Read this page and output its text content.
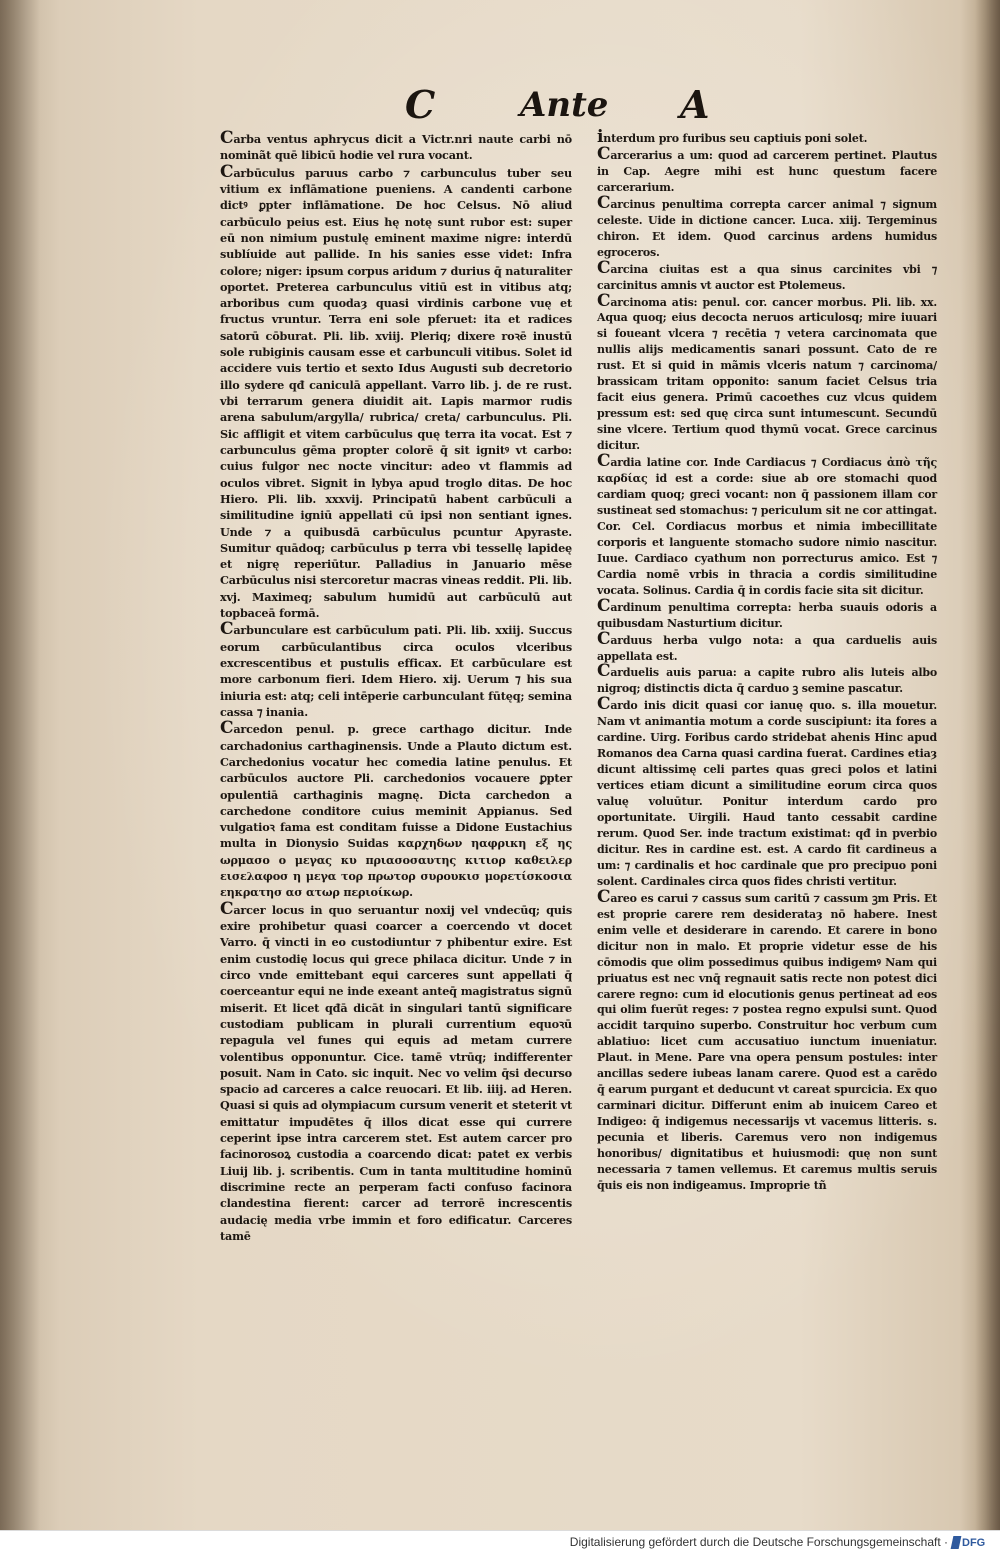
C Ante A

Carba ventus aphrycus dicit a Victr.nri naute carbi nō nominãt quē libicū hodie vel rura vocant.

Carbūculus paruus carbo ⁊ carbunculus tuber seu vitium ex inflāmatione pueniens. A candenti carbone dictꝰ ꝑpter inflāmatione. De hoc Celsus. Nō aliud carbūculo peius est. Eius hę notę sunt rubor est: super eū non nimium pustulę eminent maxime nigre: interdū sublíuide aut pallide. In his sanies esse videt: Infra colore; niger: ipsum corpus aridum ⁊ durius q̄ naturaliter oportet. Preterea carbunculus vitiū est in vitibus atq; arboribus cum quodaȝ quasi virdinis carbone vuę et fructus vruntur. Terra eni sole pferuet: ita et radices satorū cōburat. Pli. lib. xviij. Pleriq; dixere roꝛē inustū sole rubiginis causam esse et carbunculi vitibus. Solet id accidere vuis tertio et sexto Idus Augusti sub decretorio illo sydere qđ caniculā appellant. Varro lib. j. de re rust. vbi terrarum genera diuidit ait. Lapis marmor rudis arena sabulum/argylla/ rubrica/ creta/ carbunculus. Pli. Sic affligit et vitem carbūculus quę terra ita vocat. Est ⁊ carbunculus gēma propter colorē q̄ sit ignitꝰ vt carbo: cuius fulgor nec nocte vincitur: adeo vt flammis ad oculos vibret. Signit in lybya apud troglo ditas. De hoc Hiero. Pli. lib. xxxvij. Principatū habent carbūculi a similitudine igniū appellati cū ipsi non sentiant ignes. Unde ⁊ a quibusdā carbūculus pcuntur Apyraste. Sumitur quādoq; carbūculus p terra vbi tessellę lapideę et nigrę reperiūtur. Palladius in Januario mēse Carbūculus nisi stercoretur macras vineas reddit. Pli. lib. xvj. Maximeq; sabulum humidū aut carbūculū aut topbaceā formā.

Carbunculare est carbūculum pati. Pli. lib. xxiij. Succus eorum carbūculantibus circa oculos vlceribus excrescentibus et pustulis efficax. Et carbūculare est more carbonum fieri. Idem Hiero. xij. Uerum ⁊ his sua iniuria est: atq; celi intēperie carbunculant fūtęq; semina cassa ⁊ inania.

Carcedon penul. p. grece carthago dicitur. Inde carchadonius carthaginensis. Unde a Plauto dictum est. Carchedonius vocatur hec comedia latine penulus. Et carbūculos auctore Pli. carchedonios vocauere ꝑpter opulentiā carthaginis magnę. Dicta carchedon a carchedone conditore cuius meminit Appianus. Sed vulgatioꝛ fama est conditam fuisse a Didone Eustachius multa in Dionysio Suidas καρχηδων ηαφρικη εξ ης ωρμασο ο μεγας κυ πριασοσαυτης κιτιορ καθειλερ εισελαφοσ η μεγα τορ πρωτορ συρουκισ μορετίσκοσια εηκρατησ ασ ατωρ περιοίκωρ.

Carcer locus in quo seruantur noxij vel vndecūq; quis exire prohibetur quasi coarcer a coercendo vt docet Varro. q̄ vincti in eo custodiuntur ⁊ phibentur exire. Est enim custodię locus qui grece philaca dicitur. Unde ⁊ in circo vnde emittebant equi carceres sunt appellati q̄ coerceantur equi ne inde exeant anteq̄ magistratus signū miserit. Et licet qđā dicāt in singulari tantū significare custodiam publicam in plurali currentium equoꝛū repagula vel funes qui equis ad metam currere volentibus opponuntur. Cice. tamē vtrūq; indifferenter posuit. Nam in Cato. sic inquit. Nec vo velim q̄si decurso spacio ad carceres a calce reuocari. Et lib. iiij. ad Heren. Quasi si quis ad olympiacum cursum venerit et steterit vt emittatur impudētes q̄ illos dicat esse qui currere ceperint ipse intra carcerem stet. Est autem carcer pro facinorosoꝝ custodia a coarcendo dicat: patet ex verbis Liuij lib. j. scribentis. Cum in tanta multitudine hominū discrimine recte an perperam facti confuso facinora clandestina fierent: carcer ad terrorē increscentis audacię media vrbe immin et foro edificatur. Carceres tamē

interdum pro furibus seu captiuis poni solet.

Carcerarius a um: quod ad carcerem pertinet. Plautus in Cap. Aegre mihi est hunc questum facere carcerarium.

Carcinus penultima correpta carcer animal ⁊ signum celeste. Uide in dictione cancer. Luca. xiij. Tergeminus chiron. Et idem. Quod carcinus ardens humidus egroceros.

Carcina ciuitas est a qua sinus carcinites vbi ⁊ carcinitus amnis vt auctor est Ptolemeus.

Carcinoma atis: penul. cor. cancer morbus. Pli. lib. xx. Aqua quoq; eius decocta neruos articulosq; mire iuuari si foueant vlcera ⁊ recētia ⁊ vetera carcinomata que nullis alijs medicamentis sanari possunt. Cato de re rust. Et si quid in mãmis vlceris natum ⁊ carcinoma/ brassicam tritam opponito: sanum faciet Celsus tria facit eius genera. Primū cacoethes cuz vlcus quidem pressum est: sed quę circa sunt intumescunt. Secundū sine vlcere. Tertium quod thymū vocat. Grece carcinus dicitur.

Cardia latine cor. Inde Cardiacus ⁊ Cordiacus ἀπὸ τῆς καρδίας id est a corde: siue ab ore stomachi quod cardiam quoq; greci vocant: non q̄ passionem illam cor sustineat sed stomachus: ⁊ periculum sit ne cor attingat. Cor. Cel. Cordiacus morbus et nimia imbecillitate corporis et languente stomacho sudore nimio nascitur. Iuue. Cardiaco cyathum non porrecturus amico. Est ⁊ Cardia nomē vrbis in thracia a cordis similitudine vocata. Solinus. Cardia q̄ in cordis facie sita sit dicitur.

Cardinum penultima correpta: herba suauis odoris a quibusdam Nasturtium dicitur.

Carduus herba vulgo nota: a qua carduelis auis appellata est.

Carduelis auis parua: a capite rubro alis luteis albo nigroq; distinctis dicta q̄ carduo ꝫ semine pascatur.

Cardo inis dicit quasi cor ianuę quo. s. illa mouetur. Nam vt animantia motum a corde suscipiunt: ita fores a cardine. Uirg. Foribus cardo stridebat ahenis Hinc apud Romanos dea Carna quasi cardina fuerat. Cardines etiaȝ dicunt altissimę celi partes quas greci polos et latini vertices etiam dicunt a similitudine eorum circa quos valuę voluūtur. Ponitur interdum cardo pro oportunitate. Uirgili. Haud tanto cessabit cardine rerum. Quod Ser. inde tractum existimat: qđ in pverbio dicitur. Res in cardine est. est. A cardo fit cardineus a um: ⁊ cardinalis et hoc cardinale que pro precipuo poni solent. Cardinales circa quos fides christi vertitur.

Careo es carui ⁊ cassus sum caritū ⁊ cassum ꝫm Pris. Et est proprie carere rem desiderataȝ nō habere. Inest enim velle et desiderare in carendo. Et carere in bono dicitur non in malo. Et proprie videtur esse de his cōmodis que olim possedimus quibus indigemꝰ Nam qui priuatus est nec vnq̄ regnauit satis recte non potest dici carere regno: cum id elocutionis genus pertineat ad eos qui olim fuerūt reges: ⁊ postea regno expulsi sunt. Quod accidit tarquino superbo. Construitur hoc verbum cum ablatiuo: licet cum accusatiuo iunctum inueniatur. Plaut. in Mene. Pare vna opera pensum postules: inter ancillas sedere iubeas lanam carere. Quod est a carēdo q̄ earum purgant et deducunt vt careat spurcicia. Ex quo carminari dicitur. Differunt enim ab inuicem Careo et Indigeo: q̄ indigemus necessarijs vt vacemus litteris. s. pecunia et liberis. Caremus vero non indigemus honoribus/ dignitatibus et huiusmodi: quę non sunt necessaria ⁊ tamen vellemus. Et caremus multis seruis q̄uis eis non indigeamus. Improprie tñ

Digitalisierung gefördert durch die Deutsche Forschungsgemeinschaft · DFG
